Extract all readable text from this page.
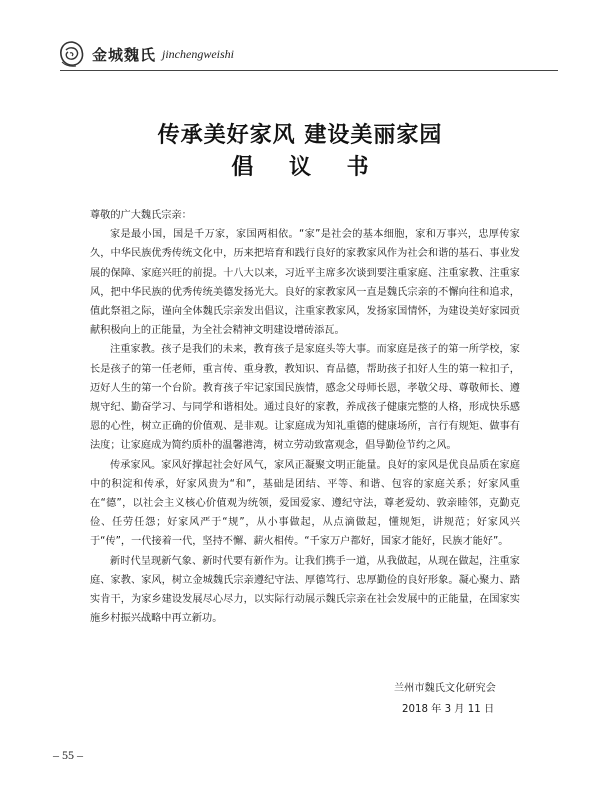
金城魏氏 jinchengweishi
传承美好家风 建设美丽家园
倡 议 书

尊敬的广大魏氏宗亲：

家是最小国，国是千万家，家国两相依。“家”是社会的基本细胞，家和万事兴，忠厚传家久，中华民族优秀传统文化中，历来把培育和践行良好的家教家风作为社会和谐的基石、事业发展的保障、家庭兴旺的前提。十八大以来，习近平主席多次谈到要注重家庭、注重家教、注重家风，把中华民族的优秀传统美德发扬光大。良好的家教家风一直是魏氏宗亲的不懈向往和追求，值此祭祖之际，谨向全体魏氏宗亲发出倡议，注重家教家风，发扬家国情怀，为建设美好家园贡献积极向上的正能量，为全社会精神文明建设增砖添瓦。

注重家教。孩子是我们的未来，教育孩子是家庭头等大事。而家庭是孩子的第一所学校，家长是孩子的第一任老师，重言传、重身教，教知识、育品德，帮助孩子扣好人生的第一粒扣子，迈好人生的第一个台阶。教育孩子牢记家国民族情，感念父母师长恩，孝敬父母、尊敬师长、遵规守纪、勤奋学习、与同学和谐相处。通过良好的家教，养成孩子健康完整的人格，形成快乐感恩的心性，树立正确的价值观、是非观。让家庭成为知礼重德的健康场所，言行有规矩、做事有法度；让家庭成为简约质朴的温馨港湾，树立劳动致富观念，倡导勤俭节约之风。

传承家风。家风好撑起社会好风气，家风正凝聚文明正能量。良好的家风是优良品质在家庭中的积淀和传承，好家风贵为“和”，基础是团结、平等、和谐、包容的家庭关系；好家风重在“德”，以社会主义核心价值观为统领，爱国爱家、遵纪守法，尊老爱幼、敦亲睦邻，克勤克俭、任劳任怨；好家风严于“规”，从小事做起，从点滴做起，懂规矩，讲规范；好家风兴于“传”，一代接着一代，坚持不懈、薪火相传。“千家万户都好，国家才能好，民族才能好”。

新时代呈现新气象、新时代要有新作为。让我们携手一道，从我做起，从现在做起，注重家庭、家教、家风，树立金城魏氏宗亲遵纪守法、厚德笃行、忠厚勤俭的良好形象。凝心聚力、踏实肯干，为家乡建设发展尽心尽力，以实际行动展示魏氏宗亲在社会发展中的正能量，在国家实施乡村振兴战略中再立新功。

兰州市魏氏文化研究会
2018 年 3 月 11 日
– 55 –
